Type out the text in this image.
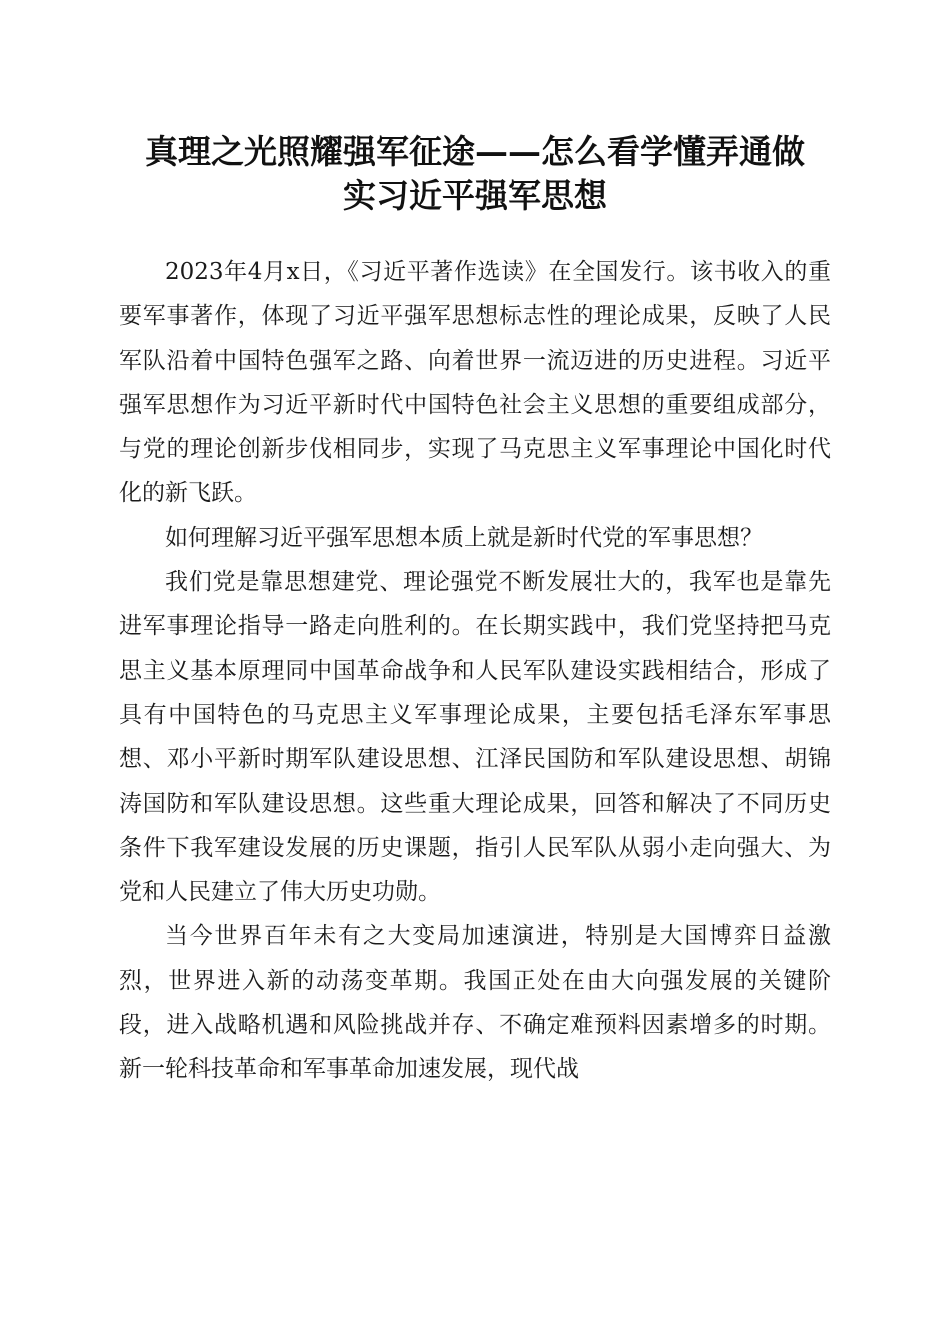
真理之光照耀强军征途——怎么看学懂弄通做
实习近平强军思想

2023年4月x日，《习近平著作选读》在全国发行。该书收入的重要军事著作，体现了习近平强军思想标志性的理论成果，反映了人民军队沿着中国特色强军之路、向着世界一流迈进的历史进程。习近平强军思想作为习近平新时代中国特色社会主义思想的重要组成部分，与党的理论创新步伐相同步，实现了马克思主义军事理论中国化时代化的新飞跃。

如何理解习近平强军思想本质上就是新时代党的军事思想？

我们党是靠思想建党、理论强党不断发展壮大的，我军也是靠先进军事理论指导一路走向胜利的。在长期实践中，我们党坚持把马克思主义基本原理同中国革命战争和人民军队建设实践相结合，形成了具有中国特色的马克思主义军事理论成果，主要包括毛泽东军事思想、邓小平新时期军队建设思想、江泽民国防和军队建设思想、胡锦涛国防和军队建设思想。这些重大理论成果，回答和解决了不同历史条件下我军建设发展的历史课题，指引人民军队从弱小走向强大、为党和人民建立了伟大历史功勋。

当今世界百年未有之大变局加速演进，特别是大国博弈日益激烈，世界进入新的动荡变革期。我国正处在由大向强发展的关键阶段，进入战略机遇和风险挑战并存、不确定难预料因素增多的时期。新一轮科技革命和军事革命加速发展，现代战
